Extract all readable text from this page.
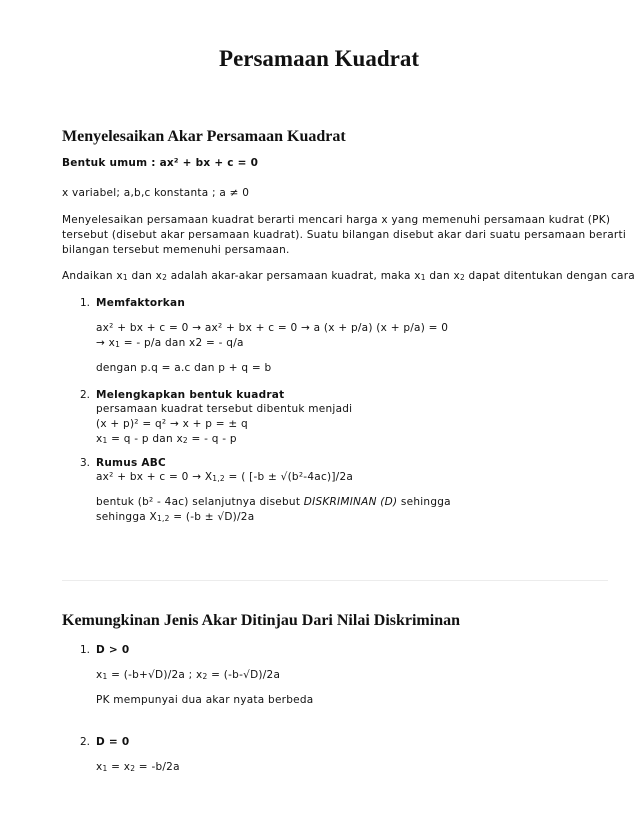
Persamaan Kuadrat
Menyelesaikan Akar Persamaan Kuadrat
Bentuk umum : ax² + bx + c = 0
x variabel; a,b,c konstanta ; a ≠ 0
Menyelesaikan persamaan kuadrat berarti mencari harga x yang memenuhi persamaan kudrat (PK)
tersebut (disebut akar persamaan kuadrat). Suatu bilangan disebut akar dari suatu persamaan berarti
bilangan tersebut memenuhi persamaan.
Andaikan $x_1$ dan $x_2$ adalah akar-akar persamaan kuadrat, maka $x_1$ dan $x_2$ dapat ditentukan dengan cara
1. Memfaktorkan
ax² + bx + c = 0 → ax² + bx + c = 0 → a (x + p/a) (x + p/a) = 0
→ $x_1$ = - p/a dan x2 = - q/a
dengan p.q = a.c dan p + q = b
2. Melengkapkan bentuk kuadrat
persamaan kuadrat tersebut dibentuk menjadi
(x + p)² = q² → x + p = ± q
$x_1 = q - p$ dan $x_2$ = - q - p
3. Rumus ABC
ax² + bx + $c = 0 \to X_{1,2}$ = ( [-b ± √(b²-4ac)]/2a
bentuk (b² - 4ac) selanjutnya disebut DISKRIMINAN (D) sehingga
sehingga $X_{1,2} = (-b \pm √D)/2a$
Kemungkinan Jenis Akar Ditinjau Dari Nilai Diskriminan
1. D > 0
$x_1 = (-b+√D)/2a$ ; $x_2 = (-b-√D)/2a$
PK mempunyai dua akar nyata berbeda
2. D = 0
$x_1 = x_2 = -b/2a$
